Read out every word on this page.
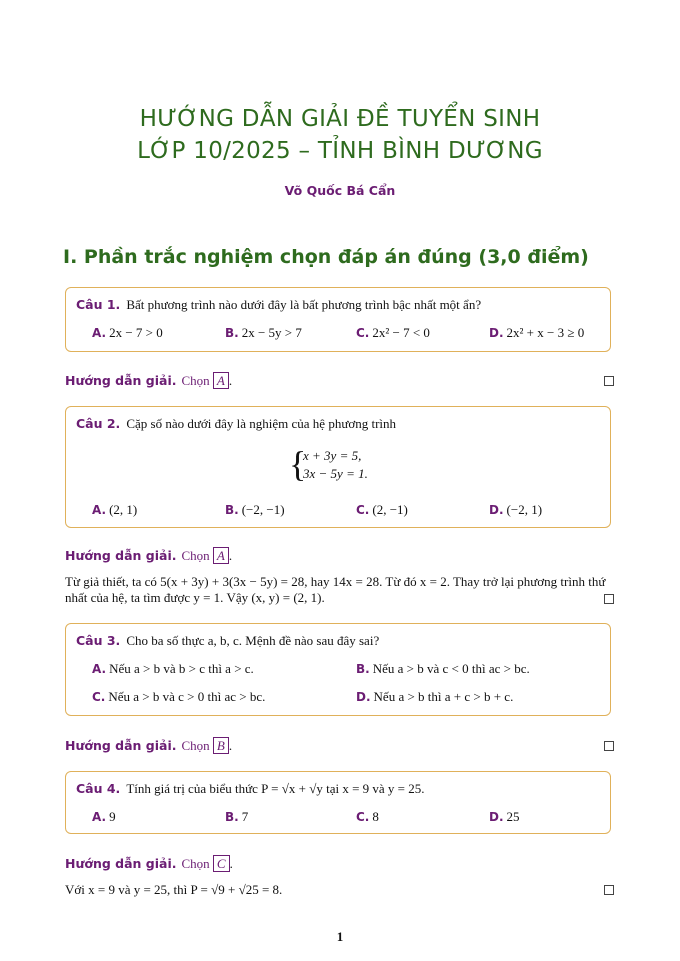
HƯỚNG DẪN GIẢI ĐỀ TUYỂN SINH
LỚP 10/2025 – TỈNH BÌNH DƯƠNG
Võ Quốc Bá Cẩn
I. Phần trắc nghiệm chọn đáp án đúng (3,0 điểm)
Câu 1. Bất phương trình nào dưới đây là bất phương trình bậc nhất một ẩn?
A. 2x − 7 > 0	B. 2x − 5y > 7	C. 2x² − 7 < 0	D. 2x² + x − 3 ≥ 0
Hướng dẫn giải. Chọn A .
Câu 2. Cặp số nào dưới đây là nghiệm của hệ phương trình
{
x + 3y = 5,
3x − 5y = 1.
A. (2, 1)	B. (−2, −1)	C. (2, −1)	D. (−2, 1)
Hướng dẫn giải. Chọn A .
Từ giả thiết, ta có 5(x + 3y) + 3(3x − 5y) = 28, hay 14x = 28. Từ đó x = 2. Thay trở lại phương trình thứ nhất của hệ, ta tìm được y = 1. Vậy (x, y) = (2, 1).
Câu 3. Cho ba số thực a, b, c. Mệnh đề nào sau đây sai?
A. Nếu a > b và b > c thì a > c.	B. Nếu a > b và c < 0 thì ac > bc.
C. Nếu a > b và c > 0 thì ac > bc.	D. Nếu a > b thì a + c > b + c.
Hướng dẫn giải. Chọn B .
Câu 4. Tính giá trị của biểu thức P = √x + √y tại x = 9 và y = 25.
A. 9	B. 7	C. 8	D. 25
Hướng dẫn giải. Chọn C .
Với x = 9 và y = 25, thì P = √9 + √25 = 8.
1
